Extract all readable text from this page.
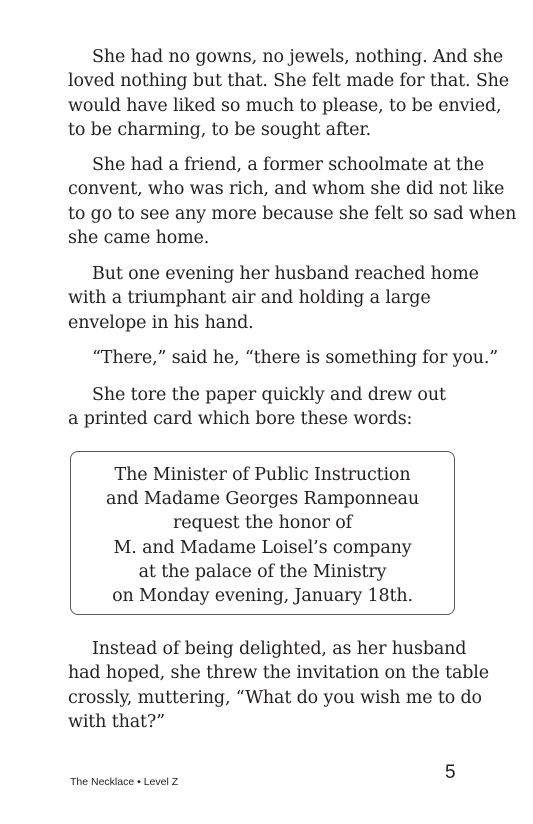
She had no gowns, no jewels, nothing. And she
loved nothing but that. She felt made for that. She
would have liked so much to please, to be envied,
to be charming, to be sought after.

She had a friend, a former schoolmate at the
convent, who was rich, and whom she did not like
to go to see any more because she felt so sad when
she came home.

But one evening her husband reached home
with a triumphant air and holding a large
envelope in his hand.

“There,” said he, “there is something for you.”

She tore the paper quickly and drew out
a printed card which bore these words:

The Minister of Public Instruction
and Madame Georges Ramponneau
request the honor of
M. and Madame Loisel’s company
at the palace of the Ministry
on Monday evening, January 18th.

Instead of being delighted, as her husband
had hoped, she threw the invitation on the table
crossly, muttering, “What do you wish me to do
with that?”

The Necklace • Level Z	5
